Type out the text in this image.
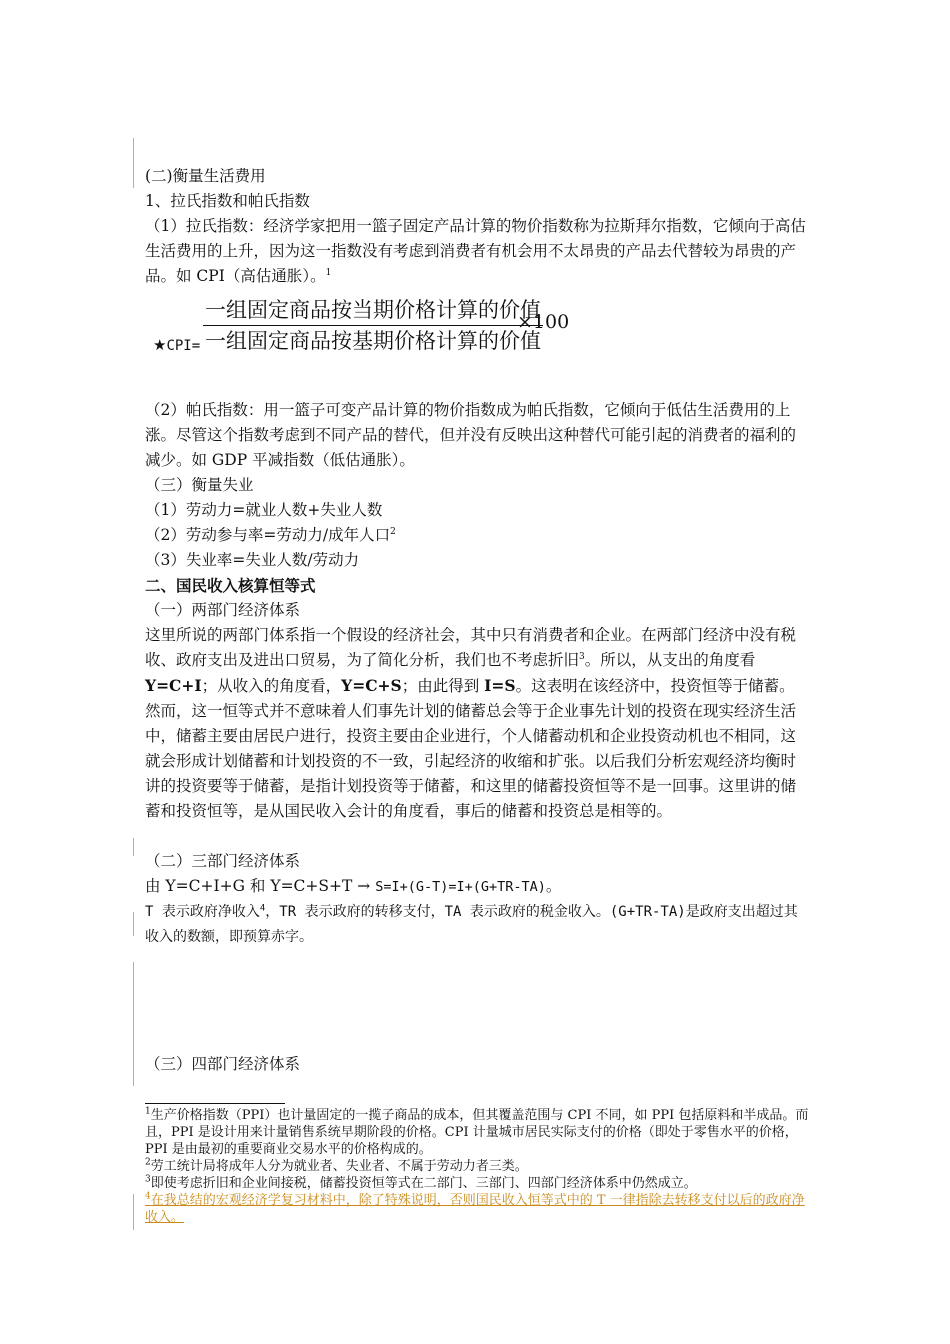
(二)衡量生活费用

1、拉氏指数和帕氏指数

（1）拉氏指数：经济学家把用一篮子固定产品计算的物价指数称为拉斯拜尔指数，它倾向于高估生活费用的上升，因为这一指数没有考虑到消费者有机会用不太昂贵的产品去代替较为昂贵的产品。如 CPI（高估通胀）。$^1$

★CPI=
一组固定商品按当期价格计算的价值
一组固定商品按基期价格计算的价值
×100

（2）帕氏指数：用一篮子可变产品计算的物价指数成为帕氏指数，它倾向于低估生活费用的上涨。尽管这个指数考虑到不同产品的替代，但并没有反映出这种替代可能引起的消费者的福利的减少。如 GDP 平减指数（低估通胀）。

（三）衡量失业

（1）劳动力=就业人数+失业人数

（2）劳动参与率=劳动力/成年人口$^2$

（3）失业率=失业人数/劳动力

二、国民收入核算恒等式

（一）两部门经济体系

这里所说的两部门体系指一个假设的经济社会，其中只有消费者和企业。在两部门经济中没有税收、政府支出及进出口贸易，为了简化分析，我们也不考虑折旧$^3$。所以，从支出的角度看 Y=C+I；从收入的角度看，Y=C+S；由此得到 I=S。这表明在该经济中，投资恒等于储蓄。然而，这一恒等式并不意味着人们事先计划的储蓄总会等于企业事先计划的投资在现实经济生活中，储蓄主要由居民户进行，投资主要由企业进行，个人储蓄动机和企业投资动机也不相同，这就会形成计划储蓄和计划投资的不一致，引起经济的收缩和扩张。以后我们分析宏观经济均衡时讲的投资要等于储蓄，是指计划投资等于储蓄，和这里的储蓄投资恒等不是一回事。这里讲的储蓄和投资恒等，是从国民收入会计的角度看，事后的储蓄和投资总是相等的。

（二）三部门经济体系

由 Y=C+I+G 和 Y=C+S+T → S=I+(G-T)=I+(G+TR-TA)。

T 表示政府净收入$^4$，TR 表示政府的转移支付，TA 表示政府的税金收入。(G+TR-TA)是政府支出超过其收入的数额，即预算赤字。

（三）四部门经济体系

$^1$生产价格指数（PPI）也计量固定的一揽子商品的成本，但其覆盖范围与 CPI 不同，如 PPI 包括原料和半成品。而且，PPI 是设计用来计量销售系统早期阶段的价格。CPI 计量城市居民实际支付的价格（即处于零售水平的价格，PPI 是由最初的重要商业交易水平的价格构成的。

$^2$劳工统计局将成年人分为就业者、失业者、不属于劳动力者三类。

$^3$即使考虑折旧和企业间接税，储蓄投资恒等式在二部门、三部门、四部门经济体系中仍然成立。

$^4$在我总结的宏观经济学复习材料中，除了特殊说明，否则国民收入恒等式中的 T 一律指除去转移支付以后的政府净收入。
